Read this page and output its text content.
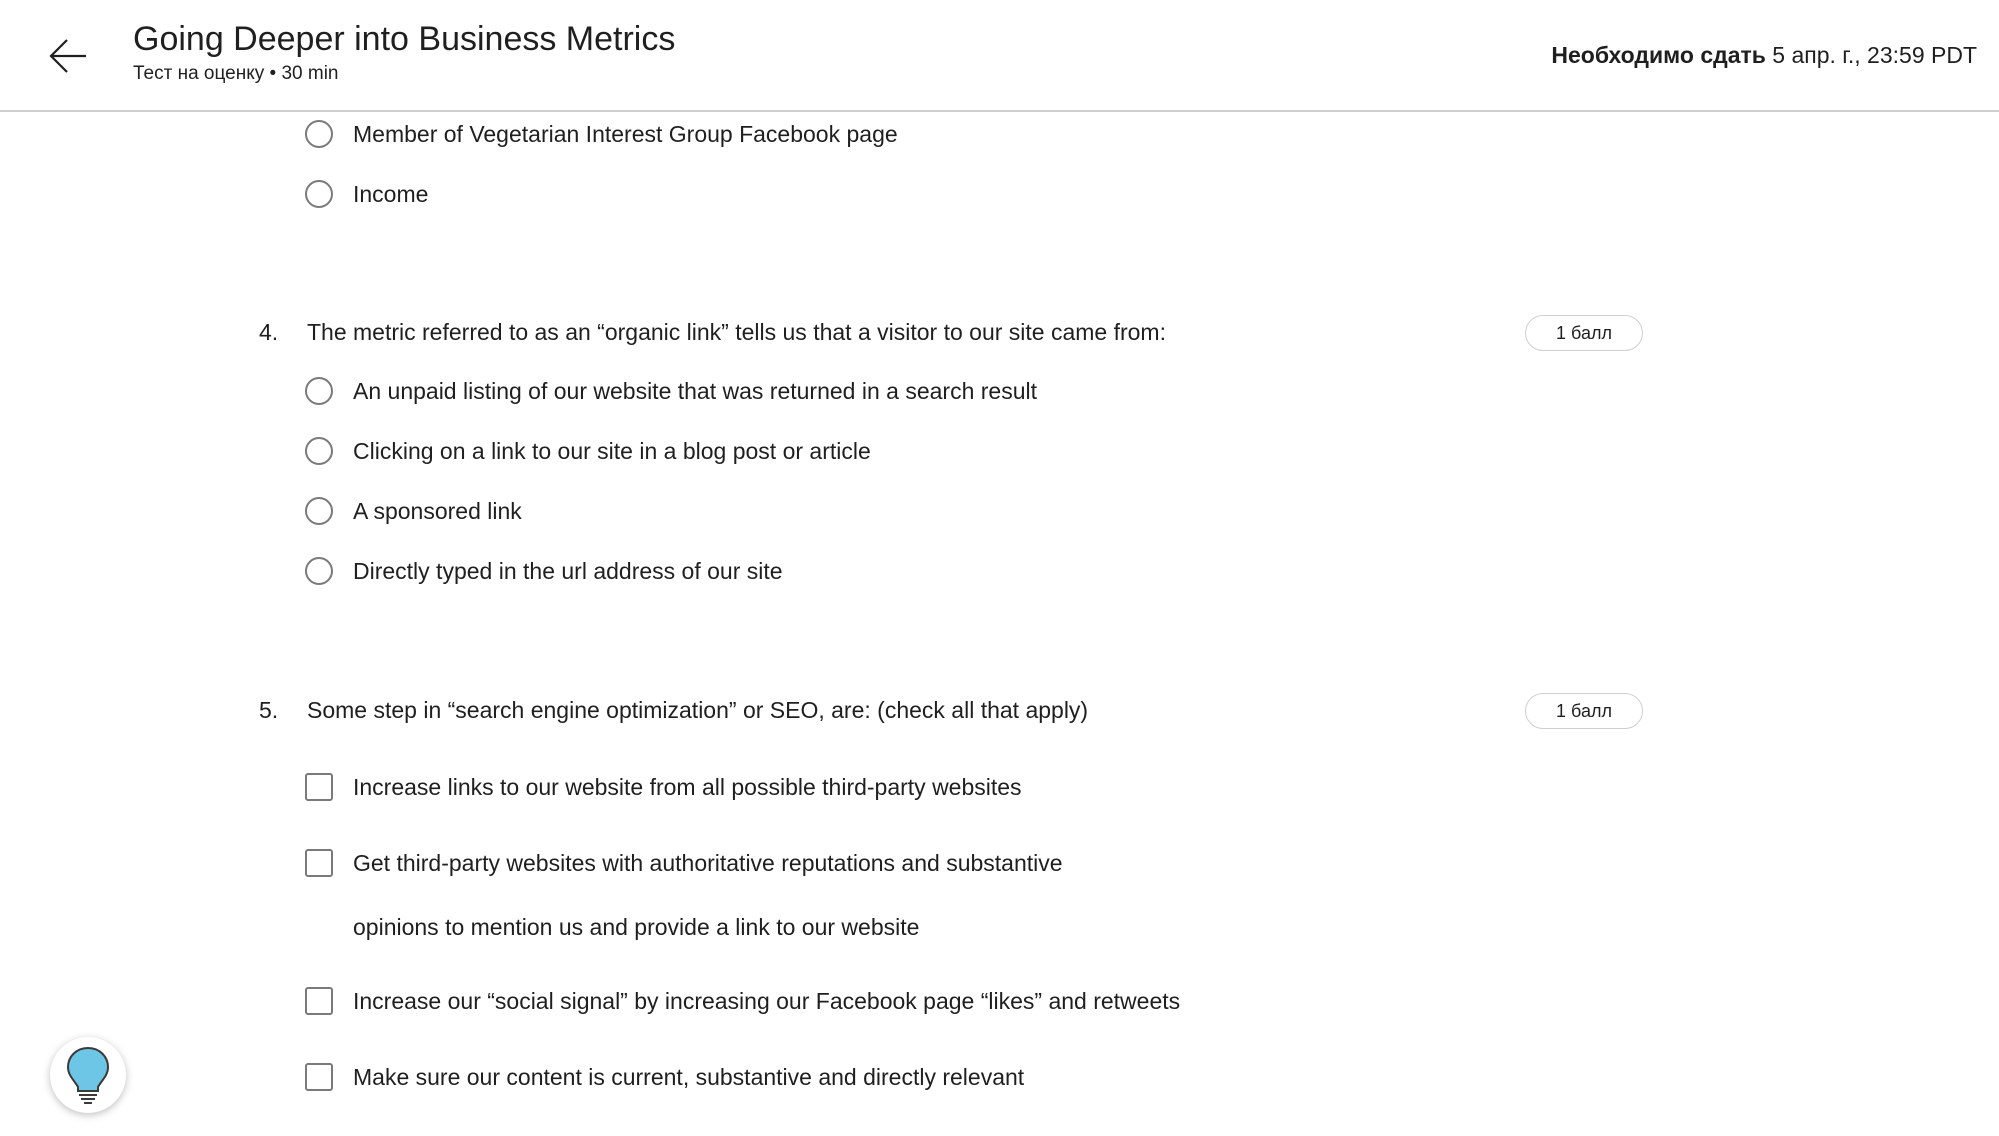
Going Deeper into Business Metrics
Тест на оценку • 30 min
Необходимо сдать 5 апр. г., 23:59 PDT
Member of Vegetarian Interest Group Facebook page
Income
4. The metric referred to as an “organic link” tells us that a visitor to our site came from:	1 балл
An unpaid listing of our website that was returned in a search result
Clicking on a link to our site in a blog post or article
A sponsored link
Directly typed in the url address of our site
5. Some step in “search engine optimization” or SEO, are: (check all that apply)	1 балл
Increase links to our website from all possible third-party websites
Get third-party websites with authoritative reputations and substantive
opinions to mention us and provide a link to our website
Increase our “social signal” by increasing our Facebook page “likes” and retweets
Make sure our content is current, substantive and directly relevant
